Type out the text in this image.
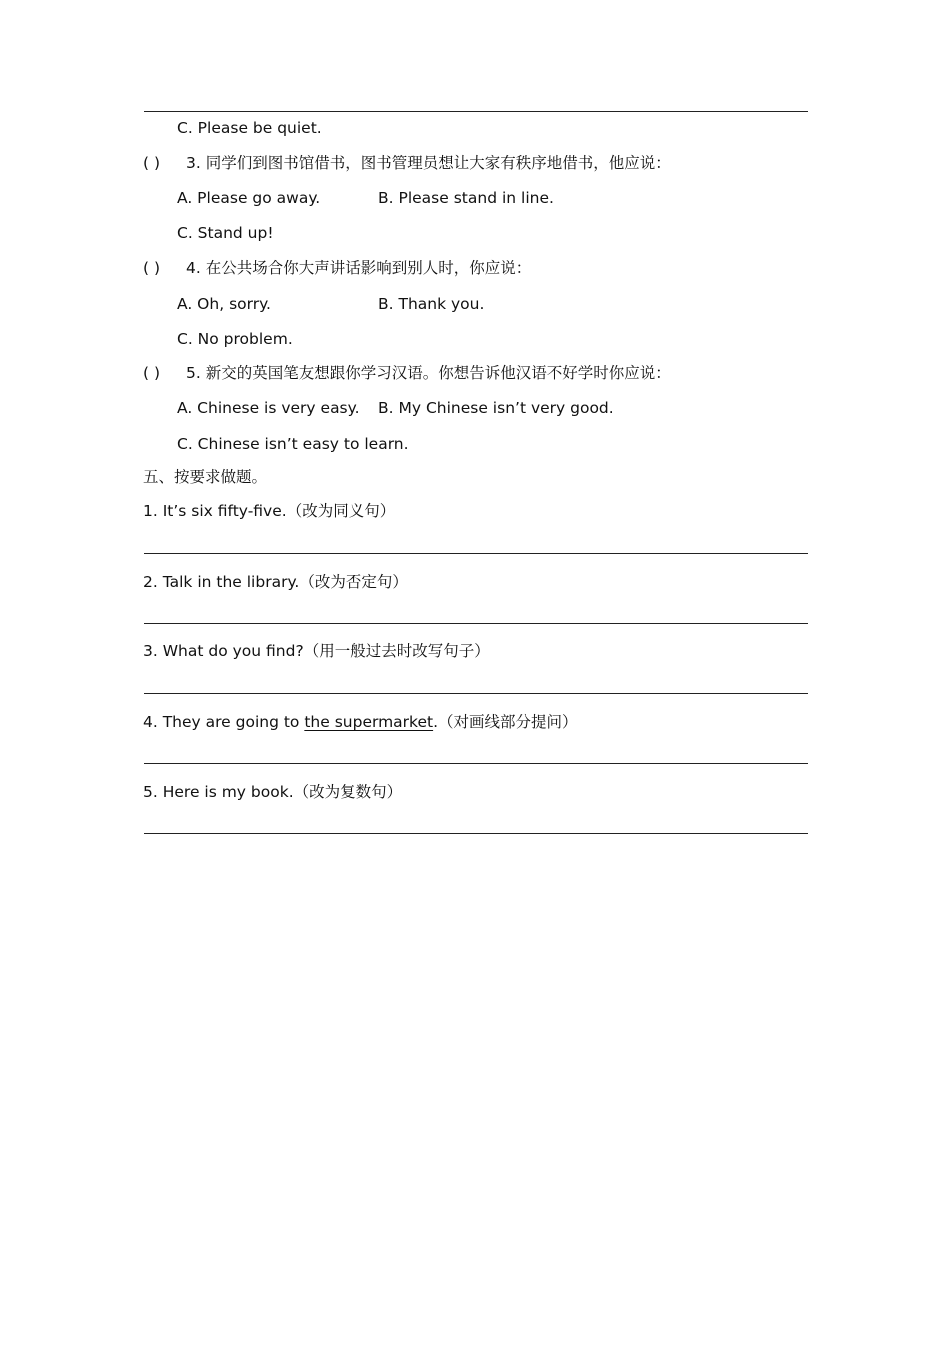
C. Please be quiet.
( ) 3. 同学们到图书馆借书，图书管理员想让大家有秩序地借书，他应说：
A. Please go away.	B. Please stand in line.
C. Stand up!
( ) 4. 在公共场合你大声讲话影响到别人时，你应说：
A. Oh, sorry.	B. Thank you.
C. No problem.
( ) 5. 新交的英国笔友想跟你学习汉语。你想告诉他汉语不好学时你应说：
A. Chinese is very easy. B. My Chinese isn’t very good.
C. Chinese isn’t easy to learn.
五、按要求做题。
1. It’s six fifty-five.（改为同义句）
2. Talk in the library.（改为否定句）
3. What do you find?（用一般过去时改写句子）
4. They are going to the supermarket.（对画线部分提问）
5. Here is my book.（改为复数句）
